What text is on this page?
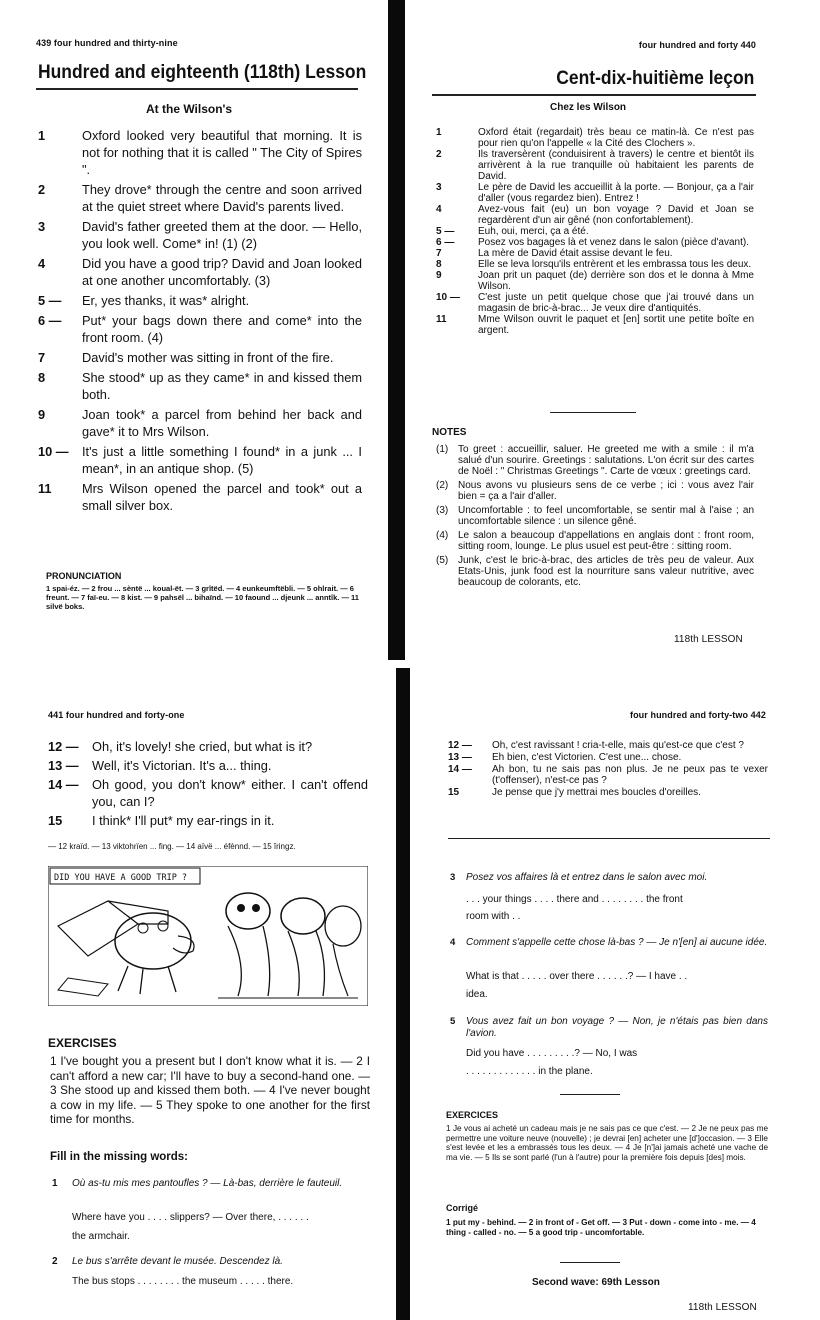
439 four hundred and thirty-nine
Hundred and eighteenth (118th) Lesson
At the Wilson's
1	Oxford looked very beautiful that morning. It is not for nothing that it is called " The City of Spires ".
2	They drove* through the centre and soon arrived at the quiet street where David's parents lived.
3	David's father greeted them at the door. — Hello, you look well. Come* in! (1) (2)
4	Did you have a good trip? David and Joan looked at one another uncomfortably. (3)
5 —	Er, yes thanks, it was* alright.
6 —	Put* your bags down there and come* into the front room. (4)
7	David's mother was sitting in front of the fire.
8	She stood* up as they came* in and kissed them both.
9	Joan took* a parcel from behind her back and gave* it to Mrs Wilson.
10 —	It's just a little something I found* in a junk ... I mean*, in an antique shop. (5)
11	Mrs Wilson opened the parcel and took* out a small silver box.
PRONUNCIATION
1 spai-éz. — 2 frou ... sèntë ... koual-ët. — 3 grîtëd. — 4 eunkeumftëbli. — 5 ohlrait. — 6 freunt. — 7 faï-eu. — 8 kist. — 9 pahsël ... bihaïnd. — 10 faound ... djeunk ... anntîk. — 11 silvë boks.
four hundred and forty 440
Cent-dix-huitième leçon
Chez les Wilson
1	Oxford était (regardait) très beau ce matin-là. Ce n'est pas pour rien qu'on l'appelle « la Cité des Clochers ».
2	Ils traversèrent (conduisirent à travers) le centre et bientôt ils arrivèrent à la rue tranquille où habitaient les parents de David.
3	Le père de David les accueillit à la porte. — Bonjour, ça a l'air d'aller (vous regardez bien). Entrez !
4	Avez-vous fait (eu) un bon voyage ? David et Joan se regardèrent d'un air gêné (non confortablement).
5 —	Euh, oui, merci, ça a été.
6 —	Posez vos bagages là et venez dans le salon (pièce d'avant).
7	La mère de David était assise devant le feu.
8	Elle se leva lorsqu'ils entrèrent et les embrassa tous les deux.
9	Joan prit un paquet (de) derrière son dos et le donna à Mme Wilson.
10 —	C'est juste un petit quelque chose que j'ai trouvé dans un magasin de bric-à-brac... Je veux dire d'antiquités.
11	Mme Wilson ouvrit le paquet et [en] sortit une petite boîte en argent.
NOTES
(1) To greet : accueillir, saluer. He greeted me with a smile : il m'a salué d'un sourire. Greetings : salutations. L'on écrit sur des cartes de Noël : " Christmas Greetings ". Carte de vœux : greetings card.
(2) Nous avons vu plusieurs sens de ce verbe ; ici : vous avez l'air bien = ça a l'air d'aller.
(3) Uncomfortable : to feel uncomfortable, se sentir mal à l'aise ; an uncomfortable silence : un silence gêné.
(4) Le salon a beaucoup d'appellations en anglais dont : front room, sitting room, lounge. Le plus usuel est peut-être : sitting room.
(5) Junk, c'est le bric-à-brac, des articles de très peu de valeur. Aux Etats-Unis, junk food est la nourriture sans valeur nutritive, avec beaucoup de colorants, etc.
118th LESSON
441 four hundred and forty-one
12 —	Oh, it's lovely! she cried, but what is it?
13 —	Well, it's Victorian. It's a... thing.
14 —	Oh good, you don't know* either. I can't offend you, can I?
15	I think* I'll put* my ear-rings in it.
— 12 kraïd. — 13 viktohrïen ... fing. — 14 aïvë ... éfènnd. — 15 îringz.
DID YOU HAVE A GOOD TRIP ?
EXERCISES
1 I've bought you a present but I don't know what it is. — 2 I can't afford a new car; I'll have to buy a second-hand one. — 3 She stood up and kissed them both. — 4 I've never bought a cow in my life. — 5 They spoke to one another for the first time for months.
Fill in the missing words:
1 Où as-tu mis mes pantoufles ? — Là-bas, derrière le fauteuil.
Where have you . . . . slippers? — Over there, . . . . . .
the armchair.
2 Le bus s'arrête devant le musée. Descendez là.
The bus stops . . . . . . . . the museum . . . . . there.
four hundred and forty-two 442
12 —	Oh, c'est ravissant ! cria-t-elle, mais qu'est-ce que c'est ?
13 —	Eh bien, c'est Victorien. C'est une... chose.
14 —	Ah bon, tu ne sais pas non plus. Je ne peux pas te vexer (t'offenser), n'est-ce pas ?
15	Je pense que j'y mettrai mes boucles d'oreilles.
3 Posez vos affaires là et entrez dans le salon avec moi.
. . . your things . . . . there and . . . . . . . . the front
room with . .
4 Comment s'appelle cette chose là-bas ? — Je n'[en] ai aucune idée.
What is that . . . . . over there . . . . . .? — I have . .
idea.
5 Vous avez fait un bon voyage ? — Non, je n'étais pas bien dans l'avion.
Did you have . . . . . . . . .? — No, I was
. . . . . . . . . . . . . in the plane.
EXERCICES
1 Je vous ai acheté un cadeau mais je ne sais pas ce que c'est. — 2 Je ne peux pas me permettre une voiture neuve (nouvelle) ; je devrai [en] acheter une [d']occasion. — 3 Elle s'est levée et les a embrassés tous les deux. — 4 Je [n']ai jamais acheté une vache de ma vie. — 5 Ils se sont parlé (l'un à l'autre) pour la première fois depuis [des] mois.
Corrigé
1 put my - behind. — 2 in front of - Get off. — 3 Put - down - come into - me. — 4 thing - called - no. — 5 a good trip - uncomfortable.
Second wave: 69th Lesson
118th LESSON
